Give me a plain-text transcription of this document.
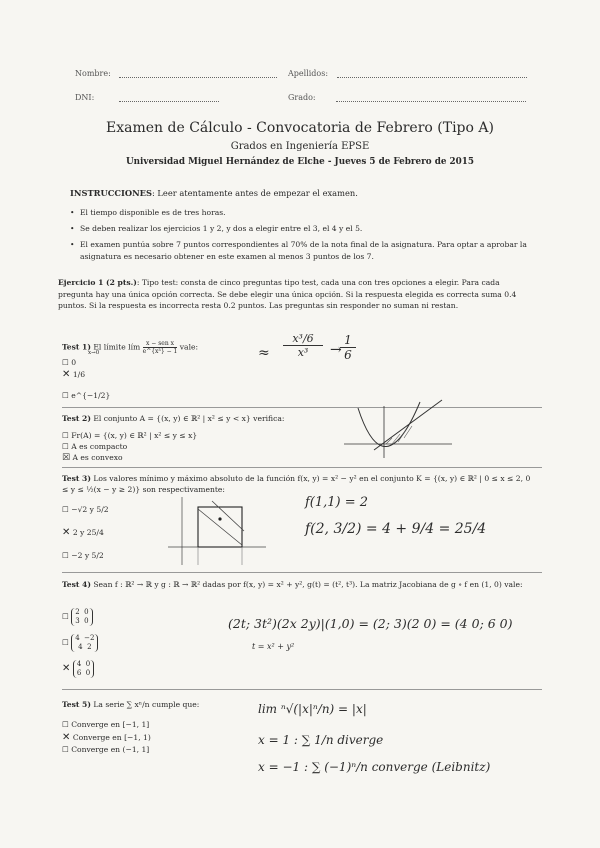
Nombre:	Apellidos:
DNI:	Grado:
Examen de Cálculo - Convocatoria de Febrero (Tipo A)
Grados en Ingeniería EPSE
Universidad Miguel Hernández de Elche - Jueves 5 de Febrero de 2015
INSTRUCCIONES: Leer atentamente antes de empezar el examen.
• El tiempo disponible es de tres horas.
• Se deben realizar los ejercicios 1 y 2, y dos a elegir entre el 3, el 4 y el 5.
• El examen puntúa sobre 7 puntos correspondientes al 70% de la nota final de la asignatura. Para optar a aprobar la asignatura es necesario obtener en este examen al menos 3 puntos de los 7.
Ejercicio 1 (2 pts.): Tipo test: consta de cinco preguntas tipo test, cada una con tres opciones a elegir. Para cada pregunta hay una única opción correcta. Se debe elegir una única opción. Si la respuesta elegida es correcta suma 0.4 puntos. Si la respuesta es incorrecta resta 0.2 puntos. Las preguntas sin responder no suman ni restan.
Test 1) El límite lím $\frac{\text{x − sen x}}{\text{e\textasciicircum{}\{x³\} − 1}}$ vale:
x→0
☐ 0
✕ 1/6
☐ e^{−1/2}
≈ $\frac{\text{x³/6}}{\text{x³}}$ →
$\frac{1}{6}$
Test 2) El conjunto A = {(x, y) ∈ ℝ² | x² ≤ y < x} verifica:
☐ Fr(A) = {(x, y) ∈ ℝ² | x² ≤ y ≤ x}
☐ A es compacto
☒ A es convexo
Test 3) Los valores mínimo y máximo absoluto de la función f(x, y) = x² − y² en el conjunto K = {(x, y) ∈ ℝ² | 0 ≤ x ≤ 2, 0 ≤ y ≤ ½(x − y ≥ 2)} son respectivamente:
☐ −√2 y 5/2
✕ 2 y 25/4
☐ −2 y 5/2
f(1,1) = 2
f(2, 3/2) = 4 + 9/4 = 25/4
Test 4) Sean f : ℝ² → ℝ y g : ℝ → ℝ² dadas por f(x, y) = x² + y², g(t) = (t², t³). La matriz Jacobiana de g ∘ f en (1, 0) vale:
☐ 2 0
3 0
☐ 4 −2
4 2
✕ 4 0
6 0
(2t; 3t²)(2x 2y)|(1,0) = (2; 3)(2 0) = (4 0; 6 0)
t = x² + y²
Test 5) La serie ∑ xⁿ/n cumple que:
☐ Converge en [−1, 1]
✕ Converge en [−1, 1)
☐ Converge en (−1, 1]
lim ⁿ√(|x|ⁿ/n) = |x|
x = 1 : ∑ 1/n diverge
x = −1 : ∑ (−1)ⁿ/n converge (Leibnitz)
